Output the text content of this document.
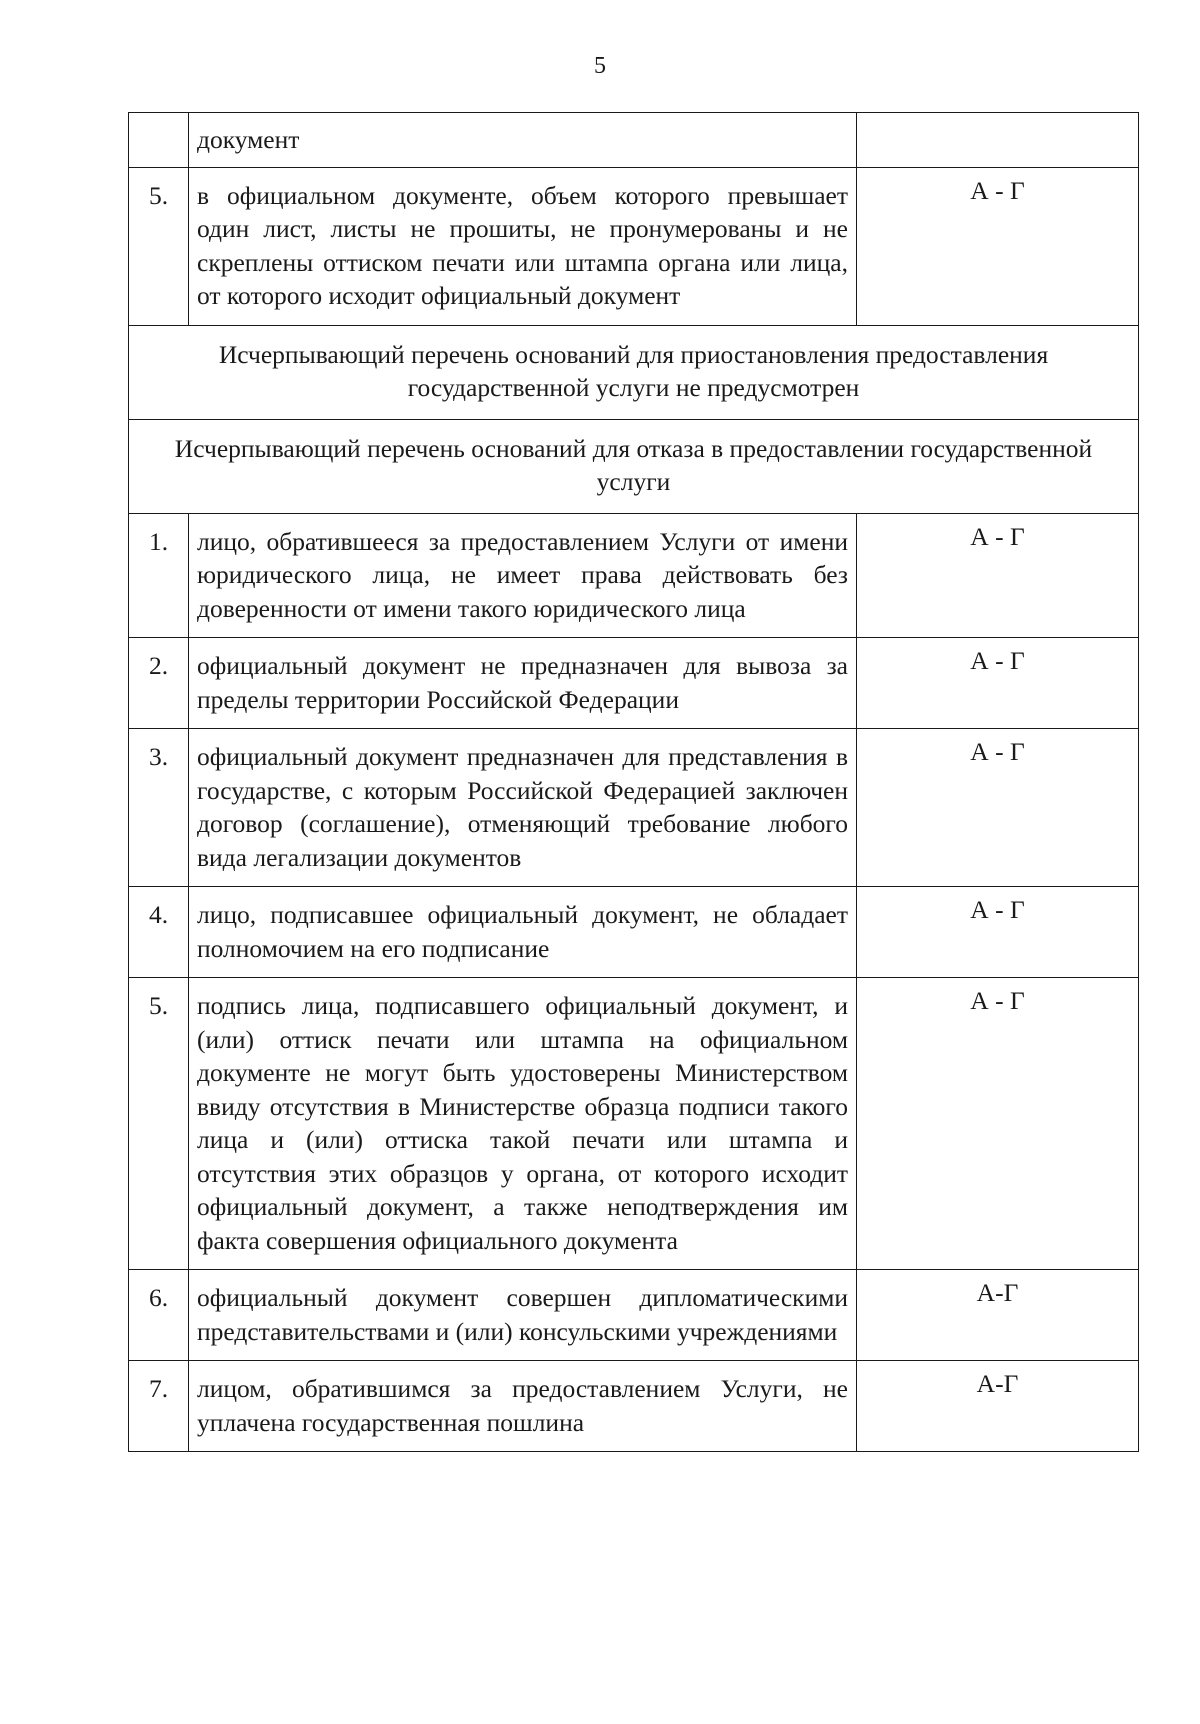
5
	документ	
5.	в официальном документе, объем которого превышает один лист, листы не прошиты, не пронумерованы и не скреплены оттиском печати или штампа органа или лица, от которого исходит официальный документ	А - Г
Исчерпывающий перечень оснований для приостановления предоставления государственной услуги не предусмотрен		
Исчерпывающий перечень оснований для отказа в предоставлении государственной услуги		
1.	лицо, обратившееся за предоставлением Услуги от имени юридического лица, не имеет права действовать без доверенности от имени такого юридического лица	А - Г
2.	официальный документ не предназначен для вывоза за пределы территории Российской Федерации	А - Г
3.	официальный документ предназначен для представления в государстве, с которым Российской Федерацией заключен договор (соглашение), отменяющий требование любого вида легализации документов	А - Г
4.	лицо, подписавшее официальный документ, не обладает полномочием на его подписание	А - Г
5.	подпись лица, подписавшего официальный документ, и (или) оттиск печати или штампа на официальном документе не могут быть удостоверены Министерством ввиду отсутствия в Министерстве образца подписи такого лица и (или) оттиска такой печати или штампа и отсутствия этих образцов у органа, от которого исходит официальный документ, а также неподтверждения им факта совершения официального документа	А - Г
6.	официальный документ совершен дипломатическими представительствами и (или) консульскими учреждениями	А-Г
7.	лицом, обратившимся за предоставлением Услуги, не уплачена государственная пошлина	А-Г
